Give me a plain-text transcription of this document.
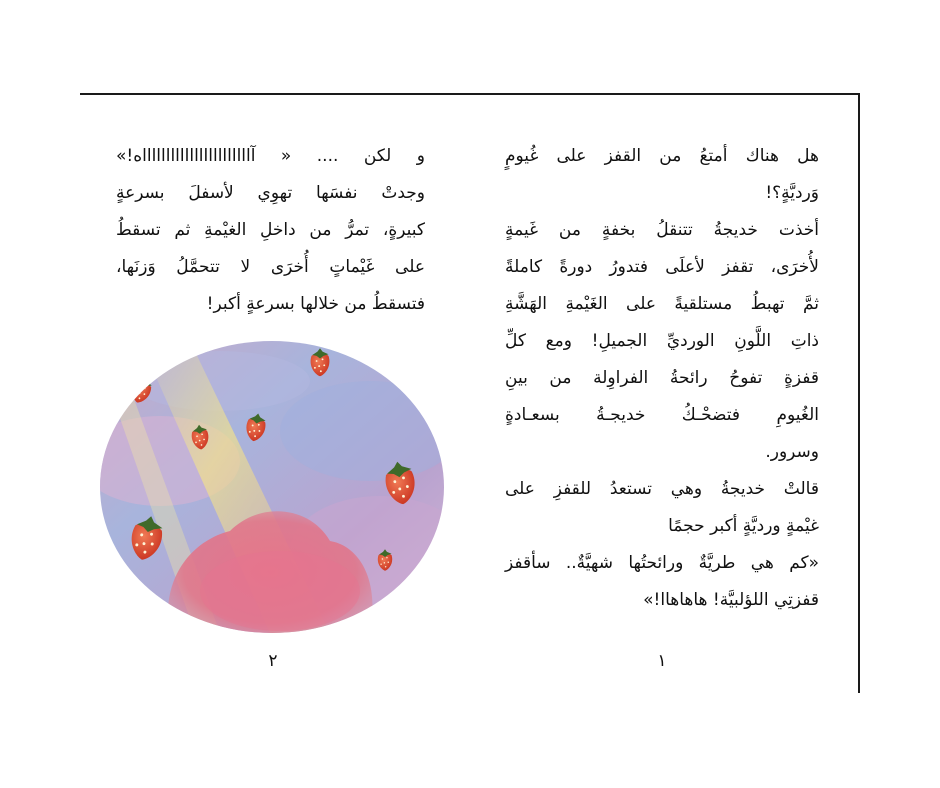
و لكن .... « آاااااااااااااااااااااااه!»
وجدتْ نفسَها تهوِي لأسفلَ بسرعةٍ
كبيرةٍ، تمرُّ من داخلِ الغيْمةِ ثم تسقطُ
على غَيْماتٍ أُخرَى لا تتحمَّلُ وَزنَها،
فتسقطُ من خلالها بسرعةٍ أكبر!
٢
هل هناك أمتعُ من القفز على غُيومٍ
وَرديَّةٍ؟!
أخذت خديجةُ تتنقلُ بخفةٍ من غَيمةٍ
لأُخرَى، تقفز لأعلَى فتدورُ دورةً كاملةً
ثمَّ تهبطُ مستلقيةً على الغَيْمةِ الهَشَّةِ
ذاتِ اللَّونِ الورديِّ الجميلِ! ومع كلِّ
قفزةٍ تفوحُ رائحةُ الفراوِلة من بينِ
الغُيومِ فتضحْـكُ خديجـةُ بسعـادةٍ
وسرور.
قالتْ خديجةُ وهي تستعدُ للقفزِ على
غيْمةٍ ورديَّةٍ أكبر حجمًا
«كم هي طريَّةٌ ورائحتُها شهيَّةٌ.. سأقفز
قفزتِي اللؤلبيَّة! هاهاهاا!»
١
